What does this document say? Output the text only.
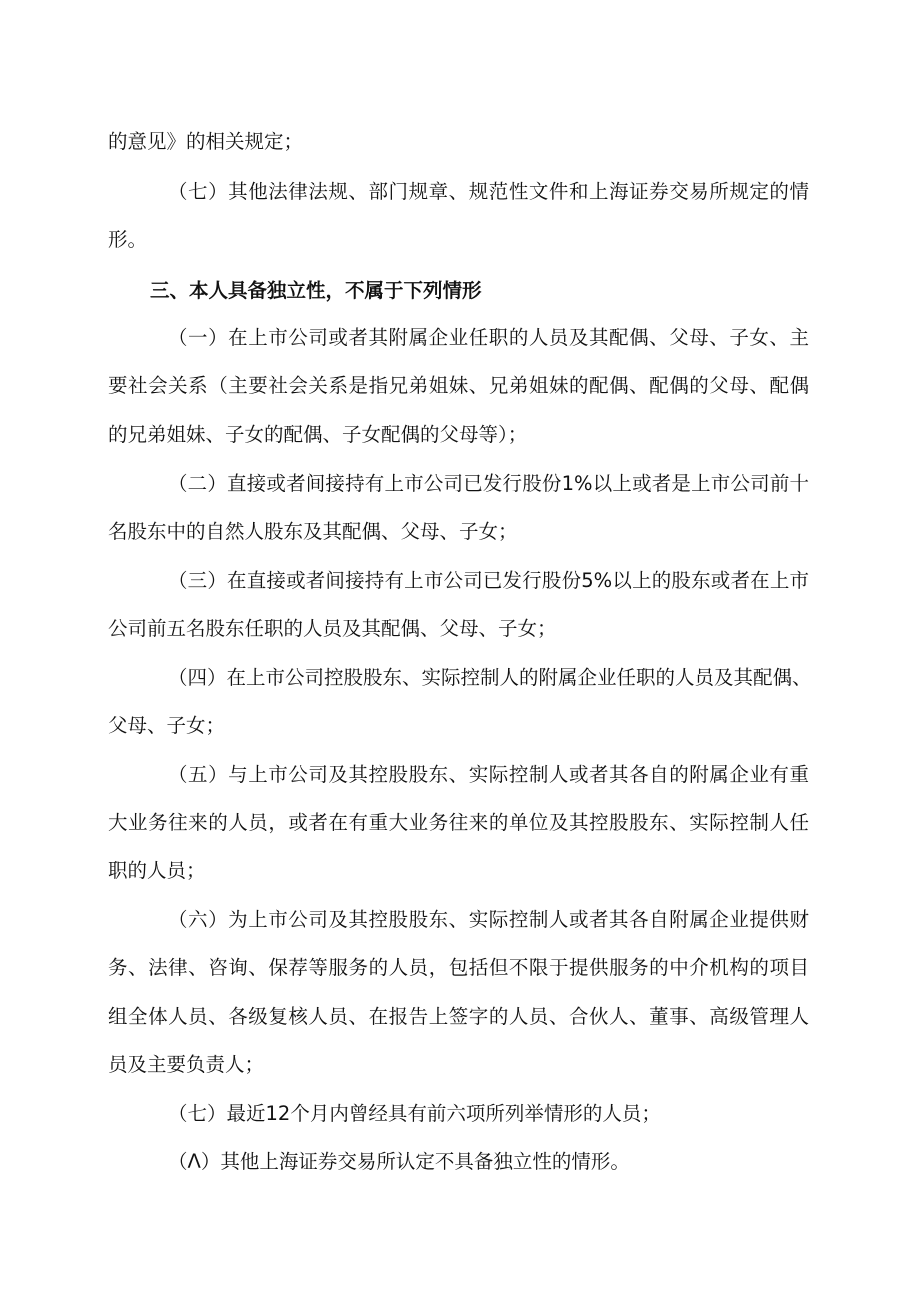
的意见》的相关规定；
（七）其他法律法规、部门规章、规范性文件和上海证券交易所规定的情
形。
三、本人具备独立性，不属于下列情形
（一）在上市公司或者其附属企业任职的人员及其配偶、父母、子女、主
要社会关系（主要社会关系是指兄弟姐妹、兄弟姐妹的配偶、配偶的父母、配偶
的兄弟姐妹、子女的配偶、子女配偶的父母等）；
（二）直接或者间接持有上市公司已发行股份1%以上或者是上市公司前十
名股东中的自然人股东及其配偶、父母、子女；
（三）在直接或者间接持有上市公司已发行股份5%以上的股东或者在上市
公司前五名股东任职的人员及其配偶、父母、子女；
（四）在上市公司控股股东、实际控制人的附属企业任职的人员及其配偶、
父母、子女；
（五）与上市公司及其控股股东、实际控制人或者其各自的附属企业有重
大业务往来的人员，或者在有重大业务往来的单位及其控股股东、实际控制人任
职的人员；
（六）为上市公司及其控股股东、实际控制人或者其各自附属企业提供财
务、法律、咨询、保荐等服务的人员，包括但不限于提供服务的中介机构的项目
组全体人员、各级复核人员、在报告上签字的人员、合伙人、董事、高级管理人
员及主要负责人；
（七）最近12个月内曾经具有前六项所列举情形的人员；
（Λ）其他上海证券交易所认定不具备独立性的情形。
